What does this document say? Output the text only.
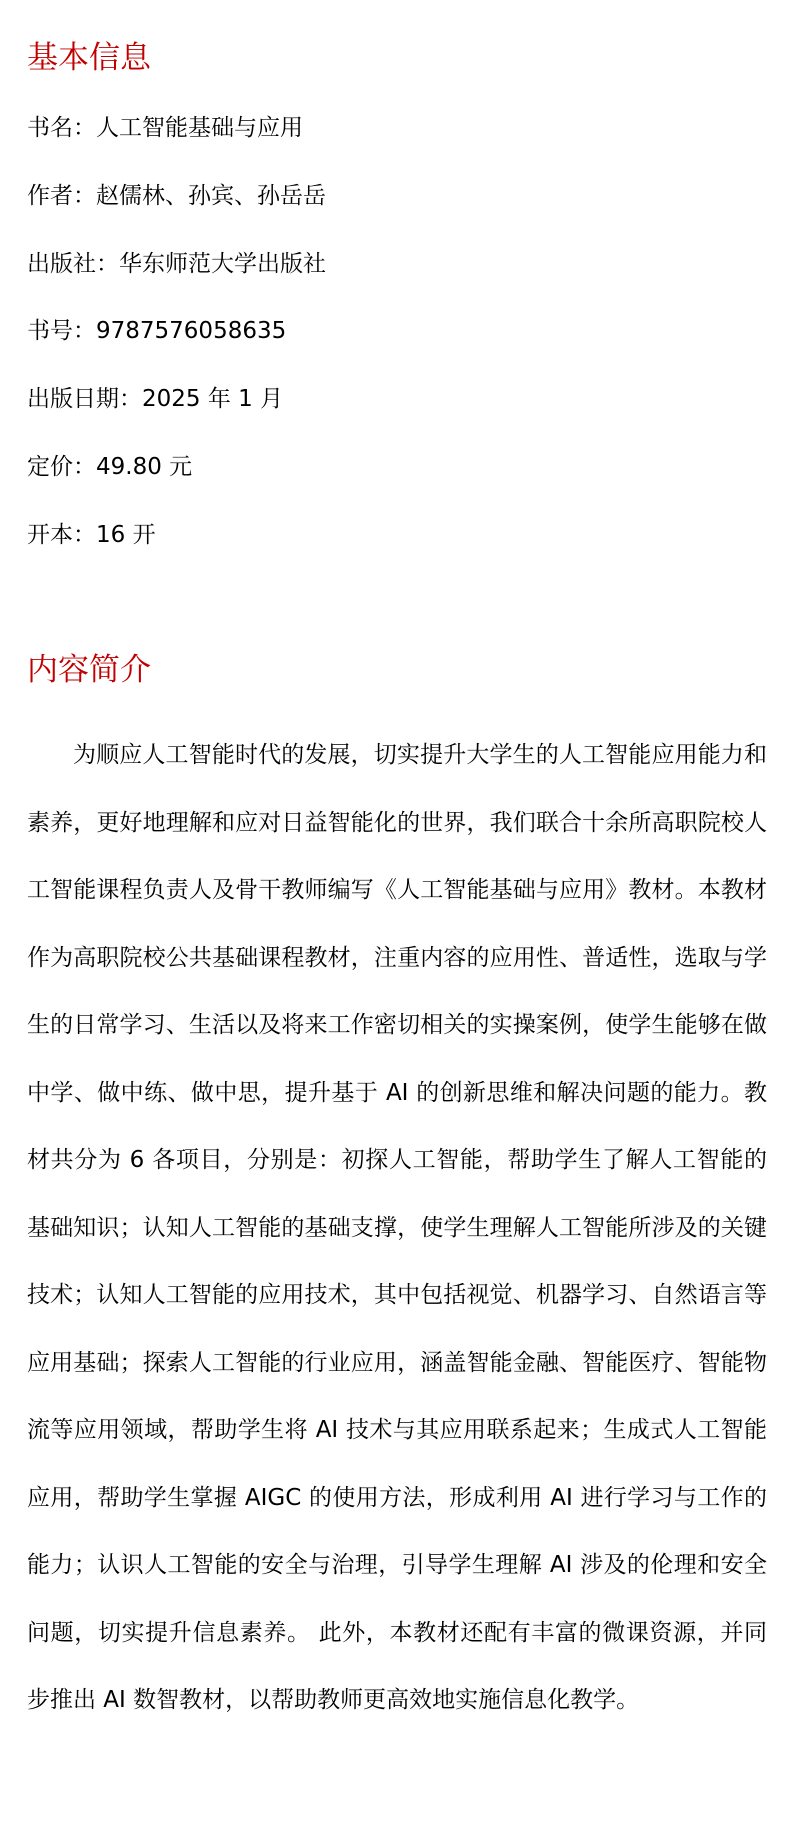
基本信息
书名：人工智能基础与应用
作者：赵儒林、孙宾、孙岳岳
出版社：华东师范大学出版社
书号：9787576058635
出版日期：2025 年 1 月
定价：49.80 元
开本：16 开
内容简介

为顺应人工智能时代的发展，切实提升大学生的人工智能应用能力和素养，更好地理解和应对日益智能化的世界，我们联合十余所高职院校人工智能课程负责人及骨干教师编写《人工智能基础与应用》教材。本教材作为高职院校公共基础课程教材，注重内容的应用性、普适性，选取与学生的日常学习、生活以及将来工作密切相关的实操案例，使学生能够在做中学、做中练、做中思，提升基于 AI 的创新思维和解决问题的能力。教材共分为 6 各项目，分别是：初探人工智能，帮助学生了解人工智能的基础知识；认知人工智能的基础支撑，使学生理解人工智能所涉及的关键技术；认知人工智能的应用技术，其中包括视觉、机器学习、自然语言等应用基础；探索人工智能的行业应用，涵盖智能金融、智能医疗、智能物流等应用领域，帮助学生将 AI 技术与其应用联系起来；生成式人工智能应用，帮助学生掌握 AIGC 的使用方法，形成利用 AI 进行学习与工作的能力；认识人工智能的安全与治理，引导学生理解 AI 涉及的伦理和安全问题，切实提升信息素养。 此外，本教材还配有丰富的微课资源，并同步推出 AI 数智教材，以帮助教师更高效地实施信息化教学。
